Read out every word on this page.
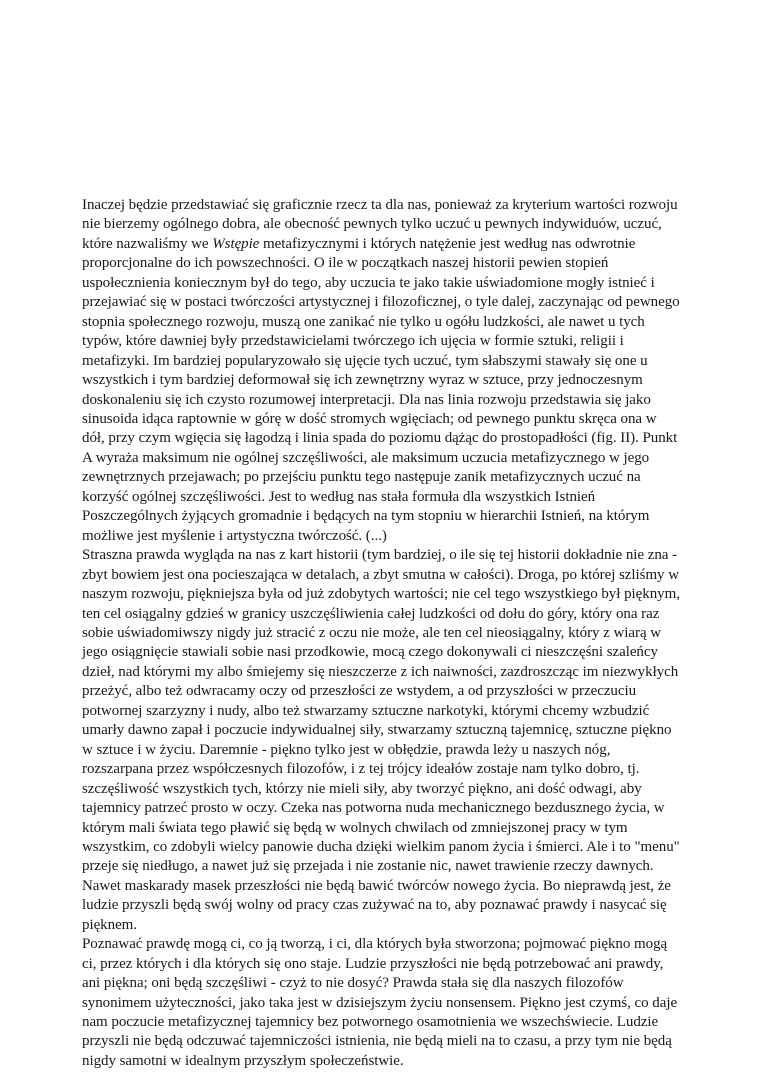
Inaczej będzie przedstawiać się graficznie rzecz ta dla nas, ponieważ za kryterium wartości rozwoju nie bierzemy ogólnego dobra, ale obecność pewnych tylko uczuć u pewnych indywiduów, uczuć, które nazwaliśmy we Wstępie metafizycznymi i których natężenie jest według nas odwrotnie proporcjonalne do ich powszechności. O ile w początkach naszej historii pewien stopień uspołecznienia koniecznym był do tego, aby uczucia te jako takie uświadomione mogły istnieć i przejawiać się w postaci twórczości artystycznej i filozoficznej, o tyle dalej, zaczynając od pewnego stopnia społecznego rozwoju, muszą one zanikać nie tylko u ogółu ludzkości, ale nawet u tych typów, które dawniej były przedstawicielami twórczego ich ujęcia w formie sztuki, religii i metafizyki. Im bardziej popularyzowało się ujęcie tych uczuć, tym słabszymi stawały się one u wszystkich i tym bardziej deformował się ich zewnętrzny wyraz w sztuce, przy jednoczesnym doskonaleniu się ich czysto rozumowej interpretacji. Dla nas linia rozwoju przedstawia się jako sinusoida idąca raptownie w górę w dość stromych wgięciach; od pewnego punktu skręca ona w dół, przy czym wgięcia się łagodzą i linia spada do poziomu dążąc do prostopadłości (fig. II). Punkt A wyraża maksimum nie ogólnej szczęśliwości, ale maksimum uczucia metafizycznego w jego zewnętrznych przejawach; po przejściu punktu tego następuje zanik metafizycznych uczuć na korzyść ogólnej szczęśliwości. Jest to według nas stała formuła dla wszystkich Istnień Poszczególnych żyjących gromadnie i będących na tym stopniu w hierarchii Istnień, na którym możliwe jest myślenie i artystyczna twórczość. (...)

Straszna prawda wygląda na nas z kart historii (tym bardziej, o ile się tej historii dokładnie nie zna - zbyt bowiem jest ona pocieszająca w detalach, a zbyt smutna w całości). Droga, po której szliśmy w naszym rozwoju, piękniejsza była od już zdobytych wartości; nie cel tego wszystkiego był pięknym, ten cel osiągalny gdzieś w granicy uszczęśliwienia całej ludzkości od dołu do góry, który ona raz sobie uświadomiwszy nigdy już stracić z oczu nie może, ale ten cel nieosiągalny, który z wiarą w jego osiągnięcie stawiali sobie nasi przodkowie, mocą czego dokonywali ci nieszczęśni szaleńcy dzieł, nad którymi my albo śmiejemy się nieszczerze z ich naiwności, zazdroszcząc im niezwykłych przeżyć, albo też odwracamy oczy od przeszłości ze wstydem, a od przyszłości w przeczuciu potwornej szarzyzny i nudy, albo też stwarzamy sztuczne narkotyki, którymi chcemy wzbudzić umarły dawno zapał i poczucie indywidualnej siły, stwarzamy sztuczną tajemnicę, sztuczne piękno w sztuce i w życiu. Daremnie - piękno tylko jest w obłędzie, prawda leży u naszych nóg, rozszarpana przez współczesnych filozofów, i z tej trójcy ideałów zostaje nam tylko dobro, tj. szczęśliwość wszystkich tych, którzy nie mieli siły, aby tworzyć piękno, ani dość odwagi, aby tajemnicy patrzeć prosto w oczy. Czeka nas potworna nuda mechanicznego bezdusznego życia, w którym mali świata tego pławić się będą w wolnych chwilach od zmniejszonej pracy w tym wszystkim, co zdobyli wielcy panowie ducha dzięki wielkim panom życia i śmierci. Ale i to "menu" przeje się niedługo, a nawet już się przejada i nie zostanie nic, nawet trawienie rzeczy dawnych. Nawet maskarady masek przeszłości nie będą bawić twórców nowego życia. Bo nieprawdą jest, że ludzie przyszli będą swój wolny od pracy czas zużywać na to, aby poznawać prawdy i nasycać się pięknem.

Poznawać prawdę mogą ci, co ją tworzą, i ci, dla których była stworzona; pojmować piękno mogą ci, przez których i dla których się ono staje. Ludzie przyszłości nie będą potrzebować ani prawdy, ani piękna; oni będą szczęśliwi - czyż to nie dosyć? Prawda stała się dla naszych filozofów synonimem użyteczności, jako taka jest w dzisiejszym życiu nonsensem. Piękno jest czymś, co daje nam poczucie metafizycznej tajemnicy bez potwornego osamotnienia we wszechświecie. Ludzie przyszli nie będą odczuwać tajemniczości istnienia, nie będą mieli na to czasu, a przy tym nie będą nigdy samotni w idealnym przyszłym społeczeństwie.
